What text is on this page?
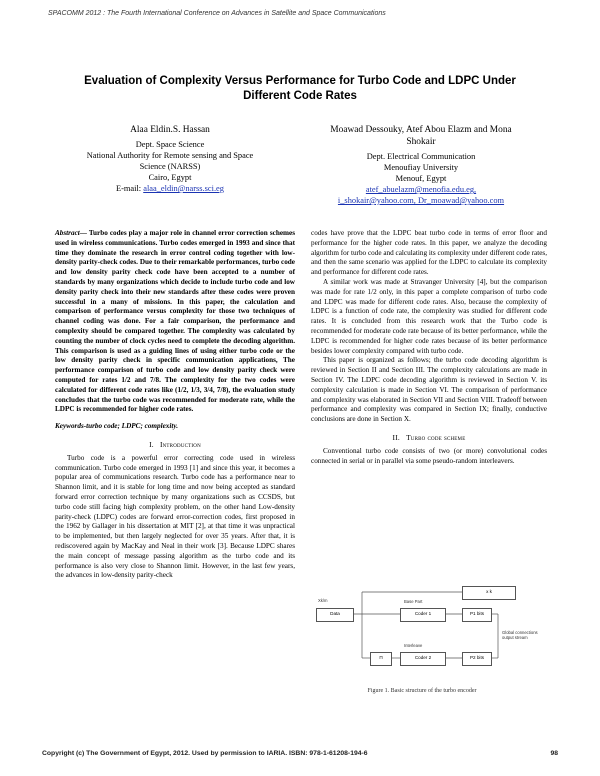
SPACOMM 2012 : The Fourth International Conference on Advances in Satellite and Space Communications
Evaluation of Complexity Versus Performance for Turbo Code and LDPC Under
Different Code Rates
Alaa Eldin.S. Hassan
Dept. Space Science
National Authority for Remote sensing and Space
Science (NARSS)
Cairo, Egypt
E-mail: alaa_eldin@narss.sci.eg
Moawad Dessouky, Atef Abou Elazm and Mona
Shokair
Dept. Electrical Communication
Menoufiay University
Menouf, Egypt
atef_abuelazm@menofia.edu.eg,
i_shokair@yahoo.com, Dr_moawad@yahoo.com

Abstract— Turbo codes play a major role in channel error correction schemes used in wireless communications. Turbo codes emerged in 1993 and since that time they dominate the research in error control coding together with low-density parity-check codes. Due to their remarkable performances, turbo code and low density parity check code have been accepted to a number of standards by many organizations which decide to include turbo code and low density parity check into their new standards after these codes were proven successful in a many of missions. In this paper, the calculation and comparison of performance versus complexity for those two techniques of channel coding was done. For a fair comparison, the performance and complexity should be compared together. The complexity was calculated by counting the number of clock cycles need to complete the decoding algorithm. This comparison is used as a guiding lines of using either turbo code or the low density parity check in specific communication applications, The performance comparison of turbo code and low density parity check were computed for rates 1/2 and 7/8. The complexity for the two codes were calculated for different code rates like (1/2, 1/3, 3/4, 7/8), the evaluation study concludes that the turbo code was recommended for moderate rate, while the LDPC is recommended for higher code rates.

Keywords-turbo code; LDPC; complexity.

I. Introduction

Turbo code is a powerful error correcting code used in wireless communication. Turbo code emerged in 1993 [1] and since this year, it becomes a popular area of communications research. Turbo code has a performance near to Shannon limit, and it is stable for long time and now being accepted as standard forward error correction technique by many organizations such as CCSDS, but turbo code still facing high complexity problem, on the other hand Low-density parity-check (LDPC) codes are forward error-correction codes, first proposed in the 1962 by Gallager in his dissertation at MIT [2], at that time it was unpractical to be implemented, but then largely neglected for over 35 years. After that, it is rediscovered again by MacKay and Neal in their work [3]. Because LDPC shares the main concept of message passing algorithm as the turbo code and its performance is also very close to Shannon limit. However, in the last few years, the advances in low-density parity-check

codes have prove that the LDPC beat turbo code in terms of error floor and performance for the higher code rates. In this paper, we analyze the decoding algorithm for turbo code and calculating its complexity under different code rates, and then the same scenario was applied for the LDPC to calculate its complexity and performance for different code rates.

A similar work was made at Stravanger University [4], but the comparison was made for rate 1/2 only, in this paper a complete comparison of turbo code and LDPC was made for different code rates. Also, because the complexity of LDPC is a function of code rate, the complexity was studied for different code rates. It is concluded from this research work that the Turbo code is recommended for moderate code rate because of its better performance, while the LDPC is recommended for higher code rates because of its better performance besides lower complexity compared with turbo code.

This paper is organized as follows; the turbo code decoding algorithm is reviewed in Section II and Section III. The complexity calculations are made in Section IV. The LDPC code decoding algorithm is reviewed in Section V. its complexity calculation is made in Section VI. The comparison of performance and complexity was elaborated in Section VII and Section VIII. Tradeoff between performance and complexity was compared in Section IX; finally, conductive conclusions are done in Section X.

II. Turbo code scheme

Conventional turbo code consists of two (or more) convolutional codes connected in serial or in parallel via some pseudo-random interleavers.

Data	Coder 1
Coder 2
Π
x k
P1 bits
P2 bits
Xk/m	Base Part
Interleave
Global connections output stream
Figure 1. Basic structure of the turbo encoder
Copyright (c) The Government of Egypt, 2012. Used by permission to IARIA. ISBN: 978-1-61208-194-6	98
